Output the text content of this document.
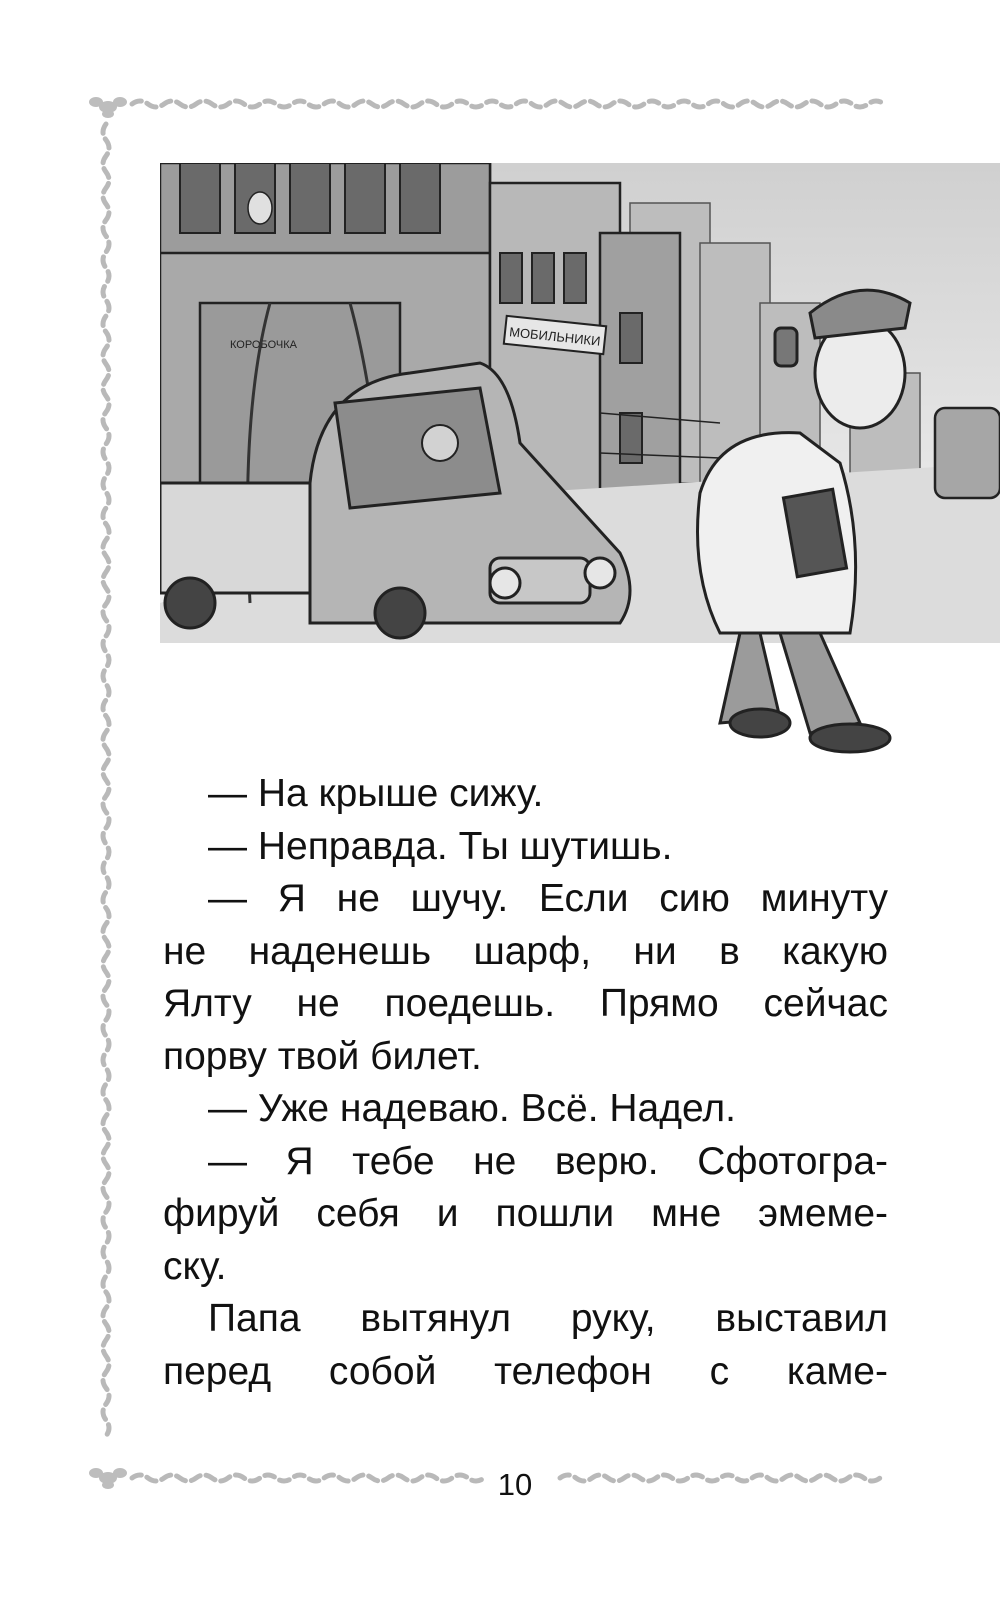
МОБИЛЬНИКИ
КОРОБОЧКА
— На крыше сижу.
— Неправда. Ты шутишь.
— Я не шучу. Если сию минуту
не наденешь шарф, ни в какую
Ялту не поедешь. Прямо сейчас
порву твой билет.
— Уже надеваю. Всё. Надел.
— Я тебе не верю. Сфотогра-
фируй себя и пошли мне эмеме-
ску.
Папа вытянул руку, выставил
перед собой телефон с каме-
10
